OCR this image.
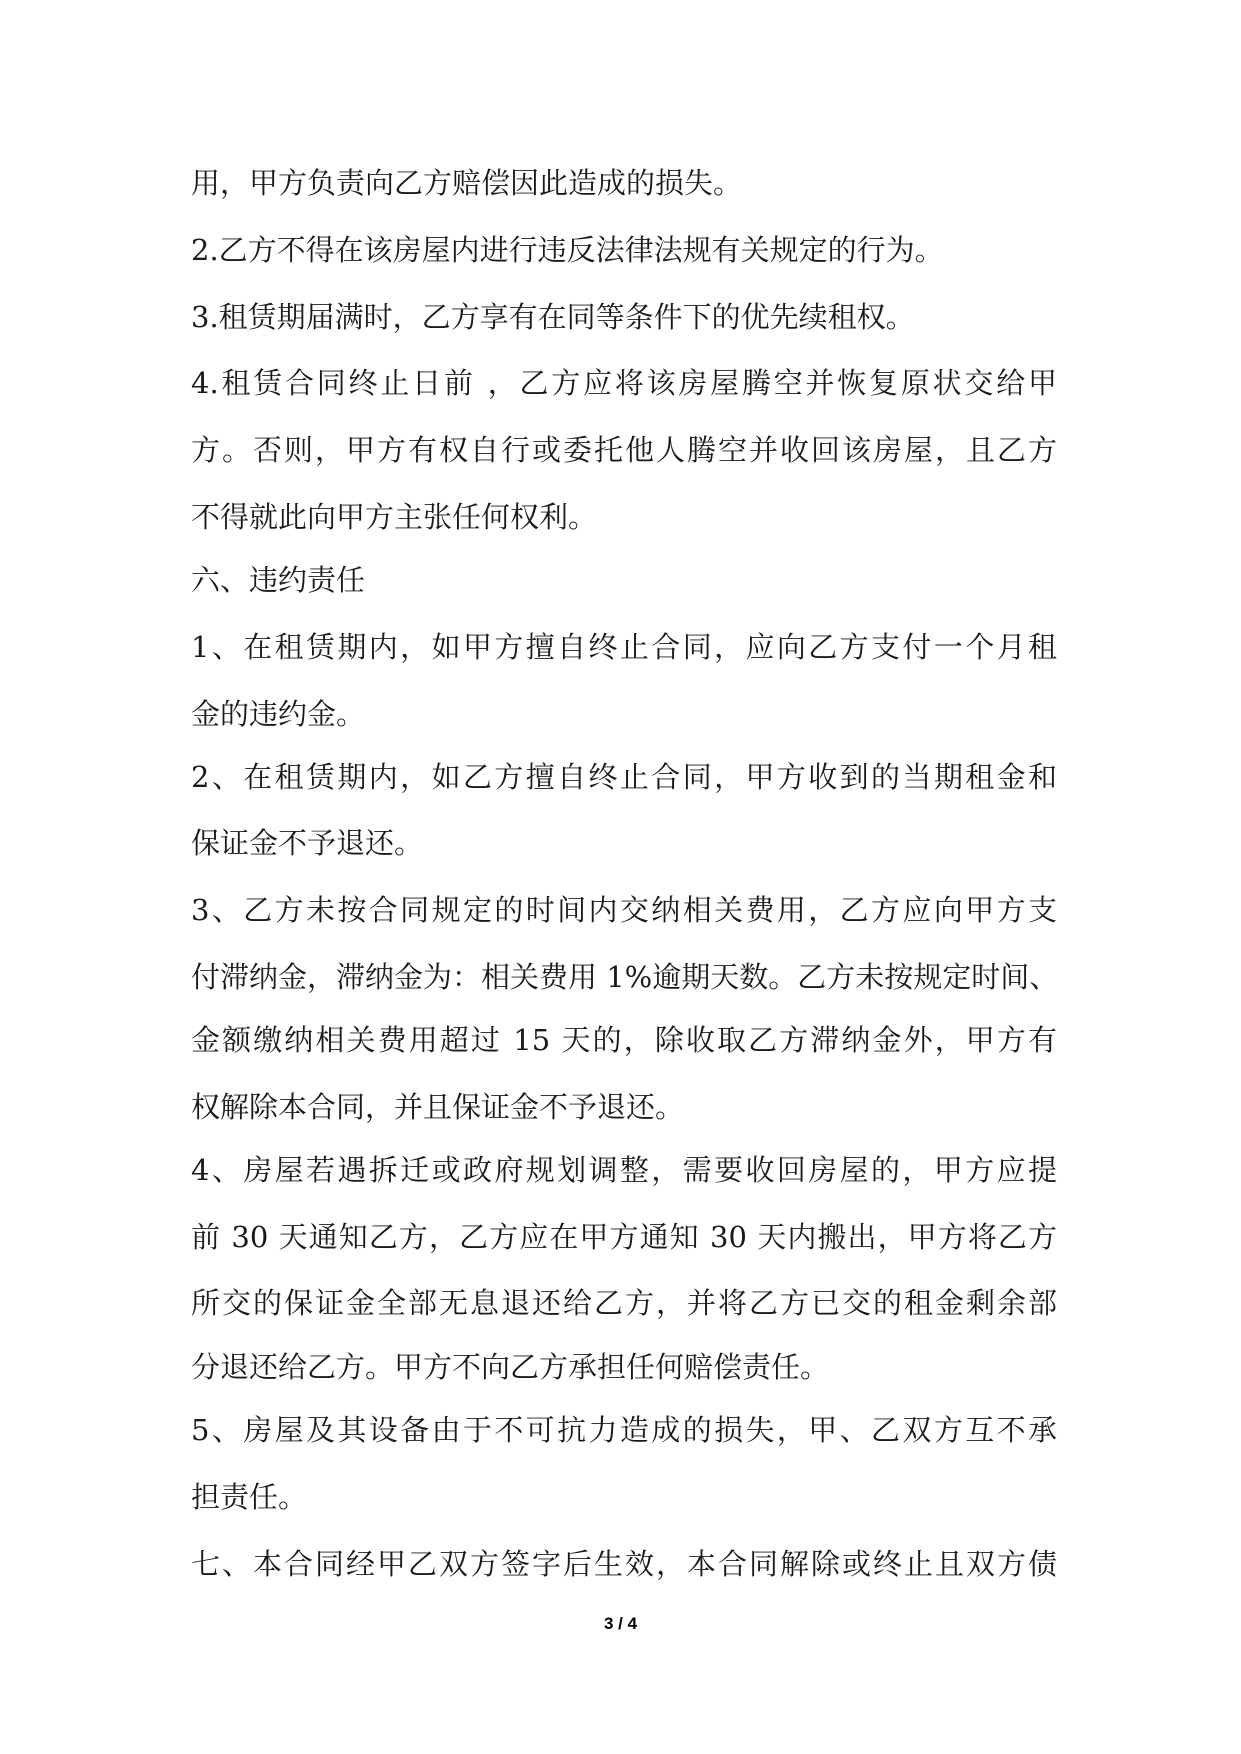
用，甲方负责向乙方赔偿因此造成的损失。
2.乙方不得在该房屋内进行违反法律法规有关规定的行为。
3.租赁期届满时，乙方享有在同等条件下的优先续租权。
4.租赁合同终止日前 ，乙方应将该房屋腾空并恢复原状交给甲
方。否则，甲方有权自行或委托他人腾空并收回该房屋，且乙方
不得就此向甲方主张任何权利。
六、违约责任
1、在租赁期内，如甲方擅自终止合同，应向乙方支付一个月租
金的违约金。
2、在租赁期内，如乙方擅自终止合同，甲方收到的当期租金和
保证金不予退还。
3、乙方未按合同规定的时间内交纳相关费用，乙方应向甲方支
付滞纳金，滞纳金为：相关费用 1%逾期天数。乙方未按规定时间、
金额缴纳相关费用超过 15 天的，除收取乙方滞纳金外，甲方有
权解除本合同，并且保证金不予退还。
4、房屋若遇拆迁或政府规划调整，需要收回房屋的，甲方应提
前 30 天通知乙方，乙方应在甲方通知 30 天内搬出，甲方将乙方
所交的保证金全部无息退还给乙方，并将乙方已交的租金剩余部
分退还给乙方。甲方不向乙方承担任何赔偿责任。
5、房屋及其设备由于不可抗力造成的损失，甲、乙双方互不承
担责任。
七、本合同经甲乙双方签字后生效，本合同解除或终止且双方债
3 / 4
